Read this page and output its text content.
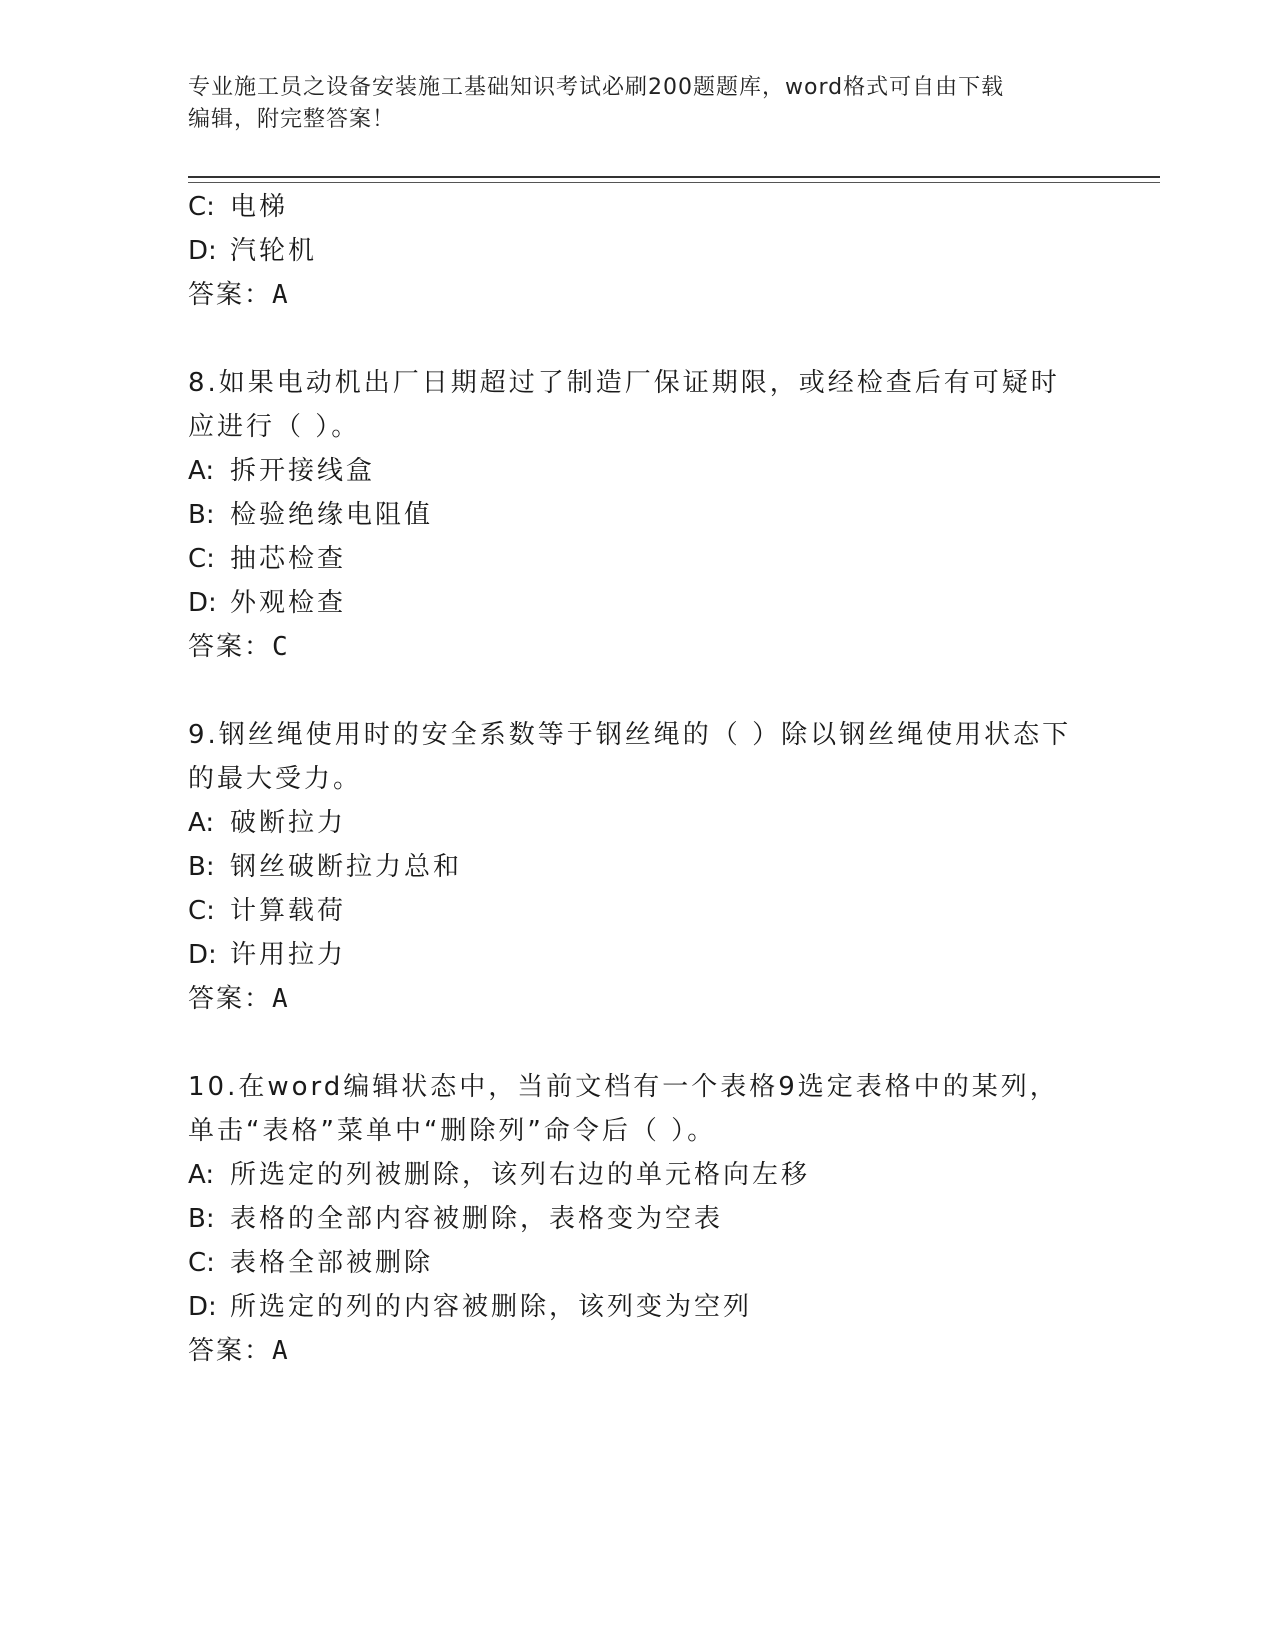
专业施工员之设备安装施工基础知识考试必刷200题题库，word格式可自由下载
编辑，附完整答案！
C: 电梯
D: 汽轮机
答案：A
8.如果电动机出厂日期超过了制造厂保证期限，或经检查后有可疑时
应进行（ ）。
A: 拆开接线盒
B: 检验绝缘电阻值
C: 抽芯检查
D: 外观检查
答案：C
9.钢丝绳使用时的安全系数等于钢丝绳的（ ）除以钢丝绳使用状态下
的最大受力。
A: 破断拉力
B: 钢丝破断拉力总和
C: 计算载荷
D: 许用拉力
答案：A
10.在word编辑状态中，当前文档有一个表格9选定表格中的某列，
单击“表格”菜单中“删除列”命令后（ ）。
A: 所选定的列被删除，该列右边的单元格向左移
B: 表格的全部内容被删除，表格变为空表
C: 表格全部被删除
D: 所选定的列的内容被删除，该列变为空列
答案：A
